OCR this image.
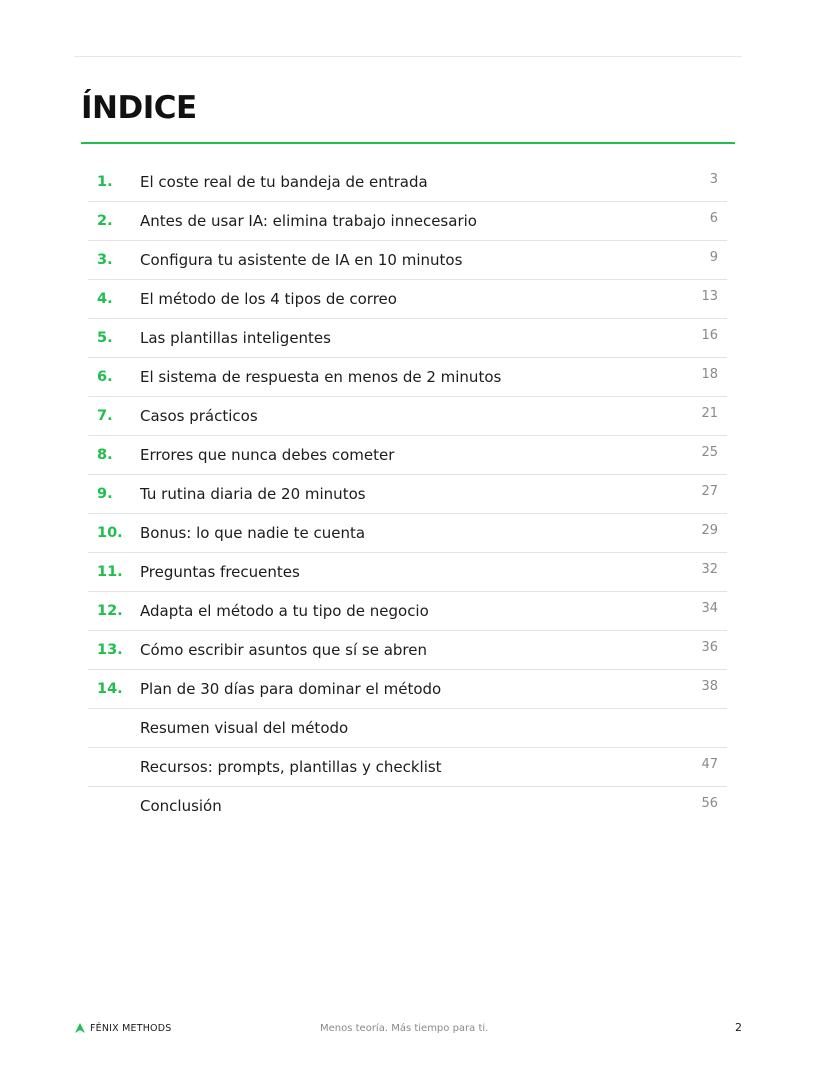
ÍNDICE
1. El coste real de tu bandeja de entrada	3
2. Antes de usar IA: elimina trabajo innecesario	6
3. Configura tu asistente de IA en 10 minutos	9
4. El método de los 4 tipos de correo	13
5. Las plantillas inteligentes	16
6. El sistema de respuesta en menos de 2 minutos	18
7. Casos prácticos	21
8. Errores que nunca debes cometer	25
9. Tu rutina diaria de 20 minutos	27
10. Bonus: lo que nadie te cuenta	29
11. Preguntas frecuentes	32
12. Adapta el método a tu tipo de negocio	34
13. Cómo escribir asuntos que sí se abren	36
14. Plan de 30 días para dominar el método	38
Resumen visual del método
Recursos: prompts, plantillas y checklist	47
Conclusión	56
FÉNIX METHODS	Menos teoría. Más tiempo para ti.	2
